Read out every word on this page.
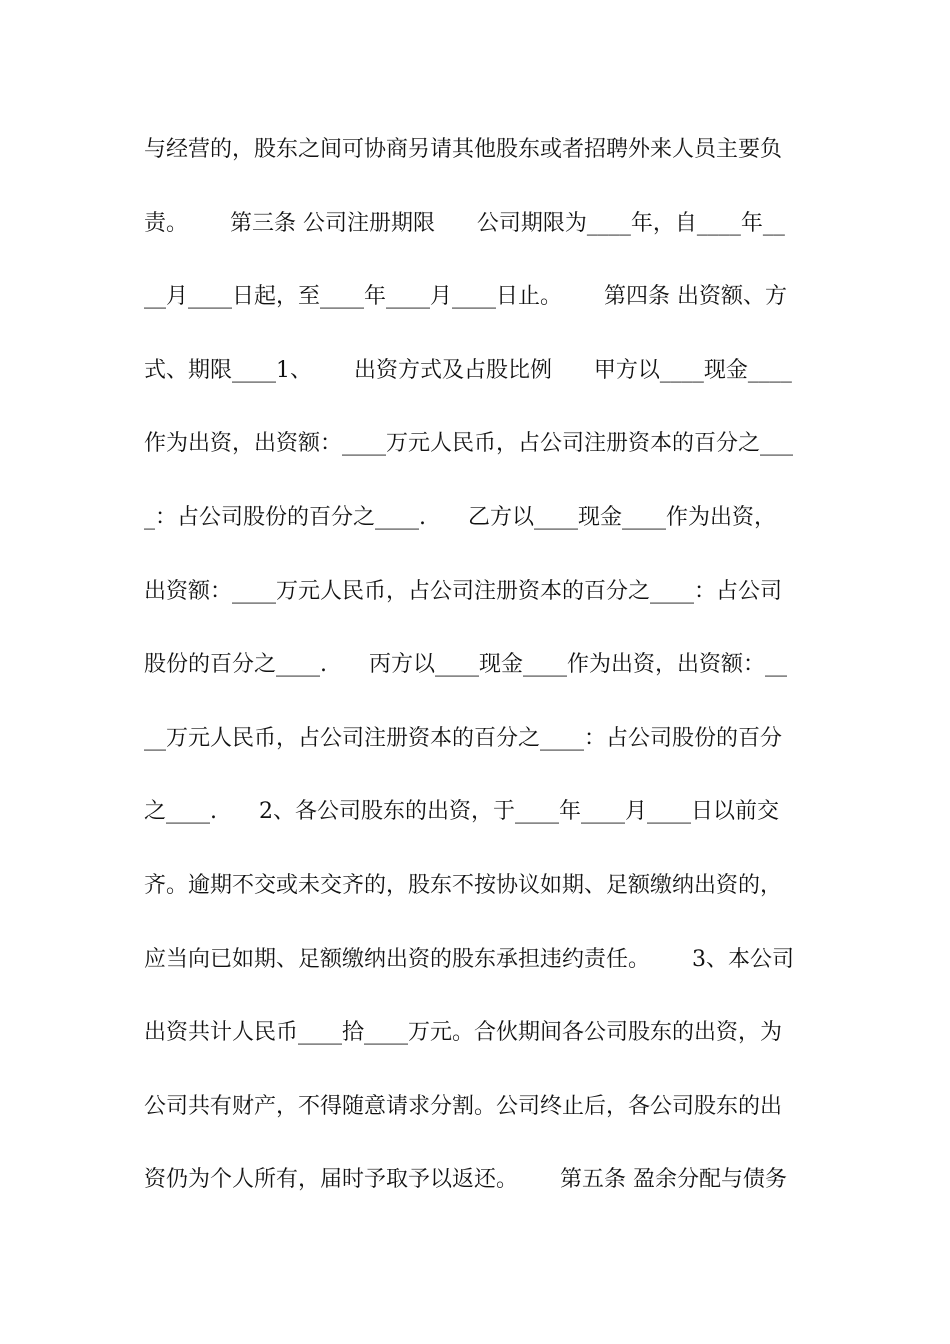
与经营的，股东之间可协商另请其他股东或者招聘外来人员主要负
责。      第三条 公司注册期限      公司期限为____年，自____年__
__月____日起，至____年____月____日止。      第四条 出资额、方
式、期限____1、      出资方式及占股比例      甲方以____现金____
作为出资，出资额：____万元人民币，占公司注册资本的百分之___
_：占公司股份的百分之____.      乙方以____现金____作为出资，
出资额：____万元人民币，占公司注册资本的百分之____：占公司
股份的百分之____.      丙方以____现金____作为出资，出资额：__
__万元人民币，占公司注册资本的百分之____：占公司股份的百分
之____.      2、各公司股东的出资，于____年____月____日以前交
齐。逾期不交或未交齐的，股东不按协议如期、足额缴纳出资的，
应当向已如期、足额缴纳出资的股东承担违约责任。      3、本公司
出资共计人民币____拾____万元。合伙期间各公司股东的出资，为
公司共有财产，不得随意请求分割。公司终止后，各公司股东的出
资仍为个人所有，届时予取予以返还。      第五条 盈余分配与债务
